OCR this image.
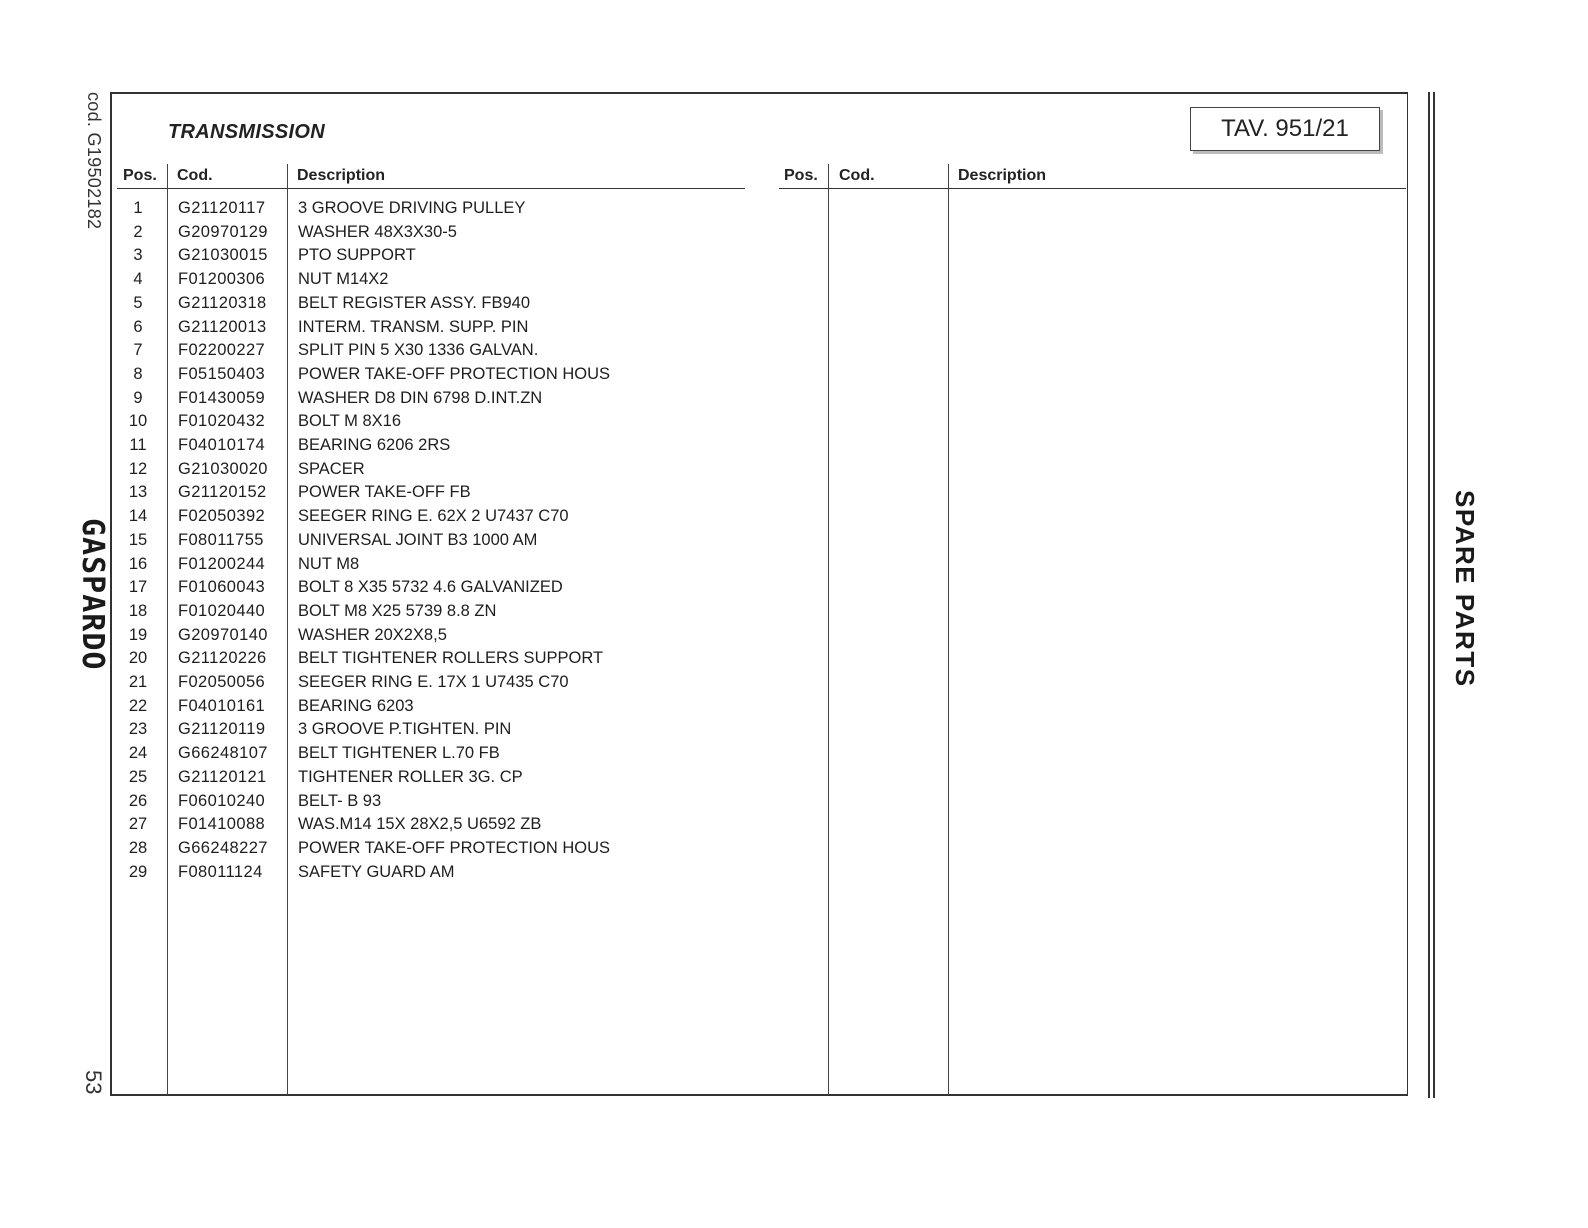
cod. G19502182
GASPARDO
53
SPARE PARTS
TRANSMISSION	TAV. 951/21
Pos. Cod.	Description	Pos. Cod.	Description
1	G21120117 3 GROOVE DRIVING PULLEY
2	G20970129 WASHER 48X3X30-5
3	G21030015 PTO SUPPORT
4	F01200306 NUT M14X2
5	G21120318 BELT REGISTER ASSY. FB940
6	G21120013 INTERM. TRANSM. SUPP. PIN
7	F02200227 SPLIT PIN 5 X30 1336 GALVAN.
8	F05150403 POWER TAKE-OFF PROTECTION HOUS
9	F01430059 WASHER D8 DIN 6798 D.INT.ZN
10	F01020432 BOLT M 8X16
11	F04010174 BEARING 6206 2RS
12	G21030020 SPACER
13	G21120152 POWER TAKE-OFF FB
14	F02050392 SEEGER RING E. 62X 2 U7437 C70
15	F08011755 UNIVERSAL JOINT B3 1000 AM
16	F01200244 NUT M8
17	F01060043 BOLT 8 X35 5732 4.6 GALVANIZED
18	F01020440 BOLT M8 X25 5739 8.8 ZN
19	G20970140 WASHER 20X2X8,5
20	G21120226 BELT TIGHTENER ROLLERS SUPPORT
21	F02050056 SEEGER RING E. 17X 1 U7435 C70
22	F04010161 BEARING 6203
23	G21120119 3 GROOVE P.TIGHTEN. PIN
24	G66248107 BELT TIGHTENER L.70 FB
25	G21120121 TIGHTENER ROLLER 3G. CP
26	F06010240 BELT- B 93
27	F01410088 WAS.M14 15X 28X2,5 U6592 ZB
28	G66248227 POWER TAKE-OFF PROTECTION HOUS
29	F08011124 SAFETY GUARD AM
